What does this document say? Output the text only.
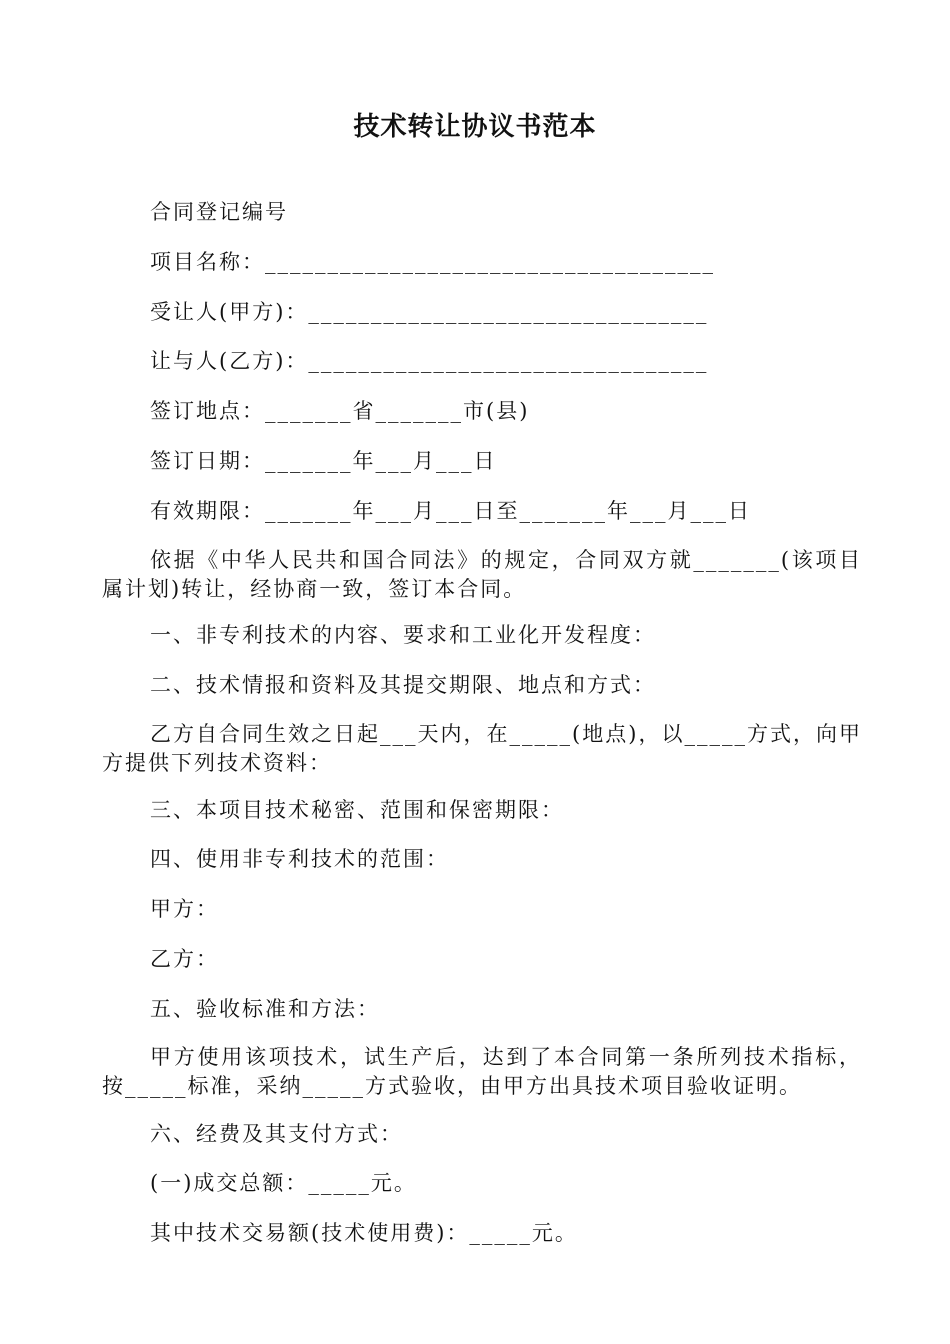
技术转让协议书范本
合同登记编号
项目名称：____________________________________
受让人(甲方)：________________________________
让与人(乙方)：________________________________
签订地点：_______省_______市(县)
签订日期：_______年___月___日
有效期限：_______年___月___日至_______年___月___日
依据《中华人民共和国合同法》的规定，合同双方就_______(该项目属计划)转让，经协商一致，签订本合同。
一、非专利技术的内容、要求和工业化开发程度：
二、技术情报和资料及其提交期限、地点和方式：
乙方自合同生效之日起___天内，在_____(地点)，以_____方式，向甲方提供下列技术资料：
三、本项目技术秘密、范围和保密期限：
四、使用非专利技术的范围：
甲方：
乙方：
五、验收标准和方法：
甲方使用该项技术，试生产后，达到了本合同第一条所列技术指标，按_____标准，采纳_____方式验收，由甲方出具技术项目验收证明。
六、经费及其支付方式：
(一)成交总额：_____元。
其中技术交易额(技术使用费)：_____元。
